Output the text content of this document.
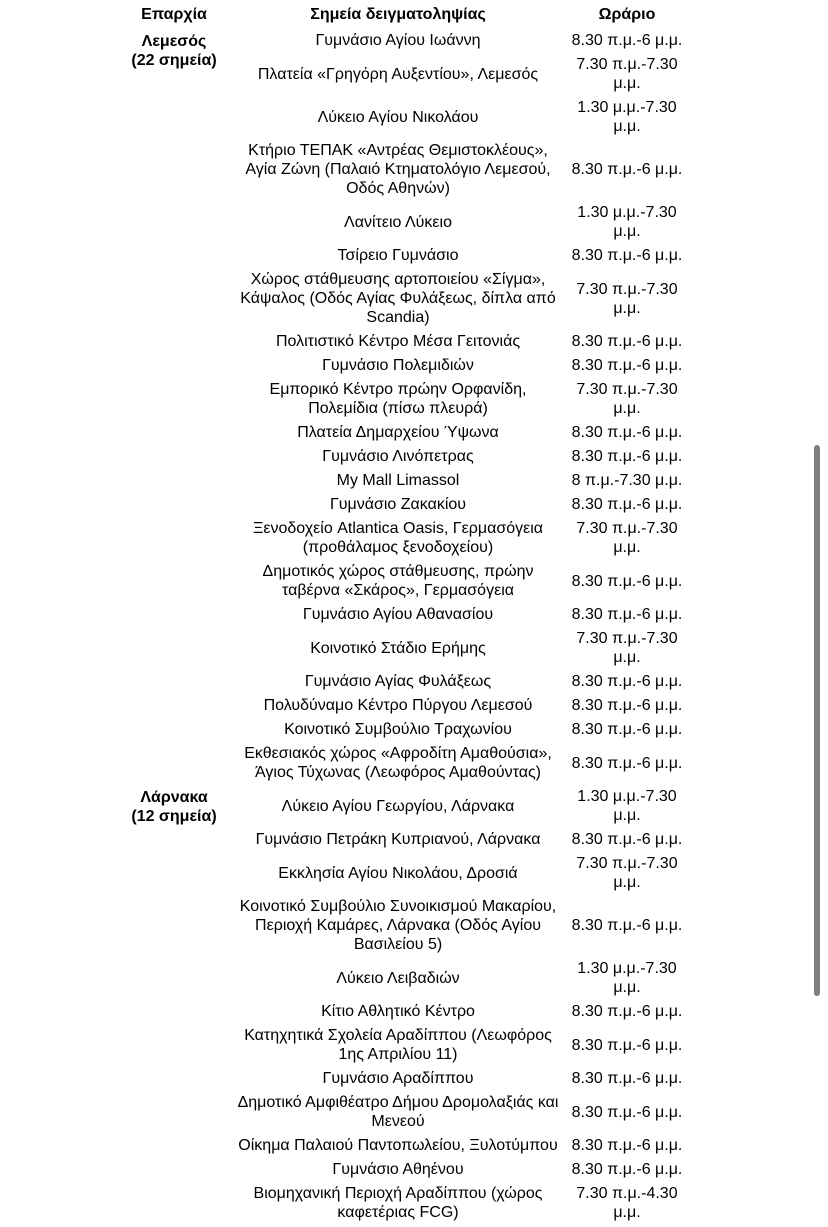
Επαρχία	Σημεία δειγματοληψίας	Ωράριο

Λεμεσός
(22 σημεία)	Γυμνάσιο Αγίου Ιωάννη	8.30 π.μ.-6 μ.μ.
	Πλατεία «Γρηγόρη Αυξεντίου», Λεμεσός	7.30 π.μ.-7.30 μ.μ.
	Λύκειο Αγίου Νικολάου	1.30 μ.μ.-7.30 μ.μ.
	Κτήριο ΤΕΠΑΚ «Αντρέας Θεμιστοκλέους», Αγία Ζώνη (Παλαιό Κτηματολόγιο Λεμεσού, Οδός Αθηνών)	8.30 π.μ.-6 μ.μ.
	Λανίτειο Λύκειο	1.30 μ.μ.-7.30 μ.μ.
	Τσίρειο Γυμνάσιο	8.30 π.μ.-6 μ.μ.
	Χώρος στάθμευσης αρτοποιείου «Σίγμα», Κάψαλος (Οδός Αγίας Φυλάξεως, δίπλα από Scandia)	7.30 π.μ.-7.30 μ.μ.
	Πολιτιστικό Κέντρο Μέσα Γειτονιάς	8.30 π.μ.-6 μ.μ.
	Γυμνάσιο Πολεμιδιών	8.30 π.μ.-6 μ.μ.
	Εμπορικό Κέντρο πρώην Ορφανίδη, Πολεμίδια (πίσω πλευρά)	7.30 π.μ.-7.30 μ.μ.
	Πλατεία Δημαρχείου Ύψωνα	8.30 π.μ.-6 μ.μ.
	Γυμνάσιο Λινόπετρας	8.30 π.μ.-6 μ.μ.
	My Mall Limassol	8 π.μ.-7.30 μ.μ.
	Γυμνάσιο Ζακακίου	8.30 π.μ.-6 μ.μ.
	Ξενοδοχείο Atlantica Oasis, Γερμασόγεια (προθάλαμος ξενοδοχείου)	7.30 π.μ.-7.30 μ.μ.
	Δημοτικός χώρος στάθμευσης, πρώην ταβέρνα «Σκάρος», Γερμασόγεια	8.30 π.μ.-6 μ.μ.
	Γυμνάσιο Αγίου Αθανασίου	8.30 π.μ.-6 μ.μ.
	Κοινοτικό Στάδιο Ερήμης	7.30 π.μ.-7.30 μ.μ.
	Γυμνάσιο Αγίας Φυλάξεως	8.30 π.μ.-6 μ.μ.
	Πολυδύναμο Κέντρο Πύργου Λεμεσού	8.30 π.μ.-6 μ.μ.
	Κοινοτικό Συμβούλιο Τραχωνίου	8.30 π.μ.-6 μ.μ.
	Εκθεσιακός χώρος «Αφροδίτη Αμαθούσια», Άγιος Τύχωνας (Λεωφόρος Αμαθούντας)	8.30 π.μ.-6 μ.μ.

Λάρνακα
(12 σημεία)	Λύκειο Αγίου Γεωργίου, Λάρνακα	1.30 μ.μ.-7.30 μ.μ.
	Γυμνάσιο Πετράκη Κυπριανού, Λάρνακα	8.30 π.μ.-6 μ.μ.
	Εκκλησία Αγίου Νικολάου, Δροσιά	7.30 π.μ.-7.30 μ.μ.
	Κοινοτικό Συμβούλιο Συνοικισμού Μακαρίου, Περιοχή Καμάρες, Λάρνακα (Οδός Αγίου Βασιλείου 5)	8.30 π.μ.-6 μ.μ.
	Λύκειο Λειβαδιών	1.30 μ.μ.-7.30 μ.μ.
	Κίτιο Αθλητικό Κέντρο	8.30 π.μ.-6 μ.μ.
	Κατηχητικά Σχολεία Αραδίππου (Λεωφόρος 1ης Απριλίου 11)	8.30 π.μ.-6 μ.μ.
	Γυμνάσιο Αραδίππου	8.30 π.μ.-6 μ.μ.
	Δημοτικό Αμφιθέατρο Δήμου Δρομολαξιάς και Μενεού	8.30 π.μ.-6 μ.μ.
	Οίκημα Παλαιού Παντοπωλείου, Ξυλοτύμπου	8.30 π.μ.-6 μ.μ.
	Γυμνάσιο Αθηένου	8.30 π.μ.-6 μ.μ.
	Βιομηχανική Περιοχή Αραδίππου (χώρος καφετέριας FCG)	7.30 π.μ.-4.30 μ.μ.
